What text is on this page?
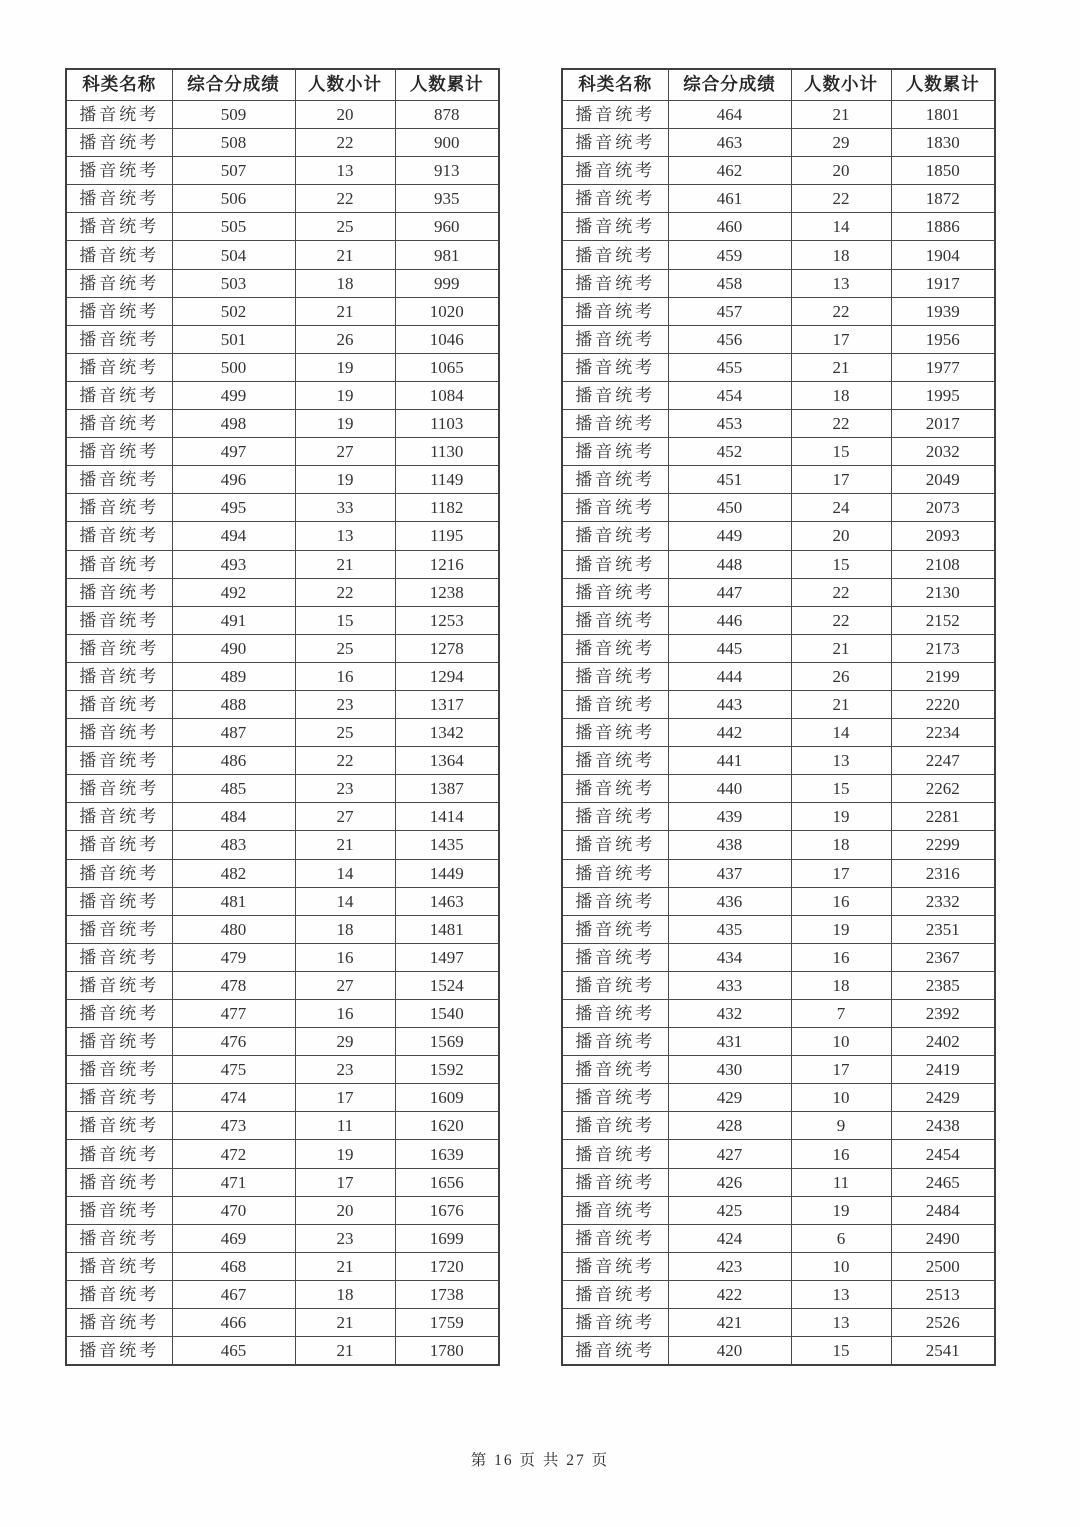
科类名称	综合分成绩	人数小计	人数累计
播音统考	509	20	878
播音统考	508	22	900
播音统考	507	13	913
播音统考	506	22	935
播音统考	505	25	960
播音统考	504	21	981
播音统考	503	18	999
播音统考	502	21	1020
播音统考	501	26	1046
播音统考	500	19	1065
播音统考	499	19	1084
播音统考	498	19	1103
播音统考	497	27	1130
播音统考	496	19	1149
播音统考	495	33	1182
播音统考	494	13	1195
播音统考	493	21	1216
播音统考	492	22	1238
播音统考	491	15	1253
播音统考	490	25	1278
播音统考	489	16	1294
播音统考	488	23	1317
播音统考	487	25	1342
播音统考	486	22	1364
播音统考	485	23	1387
播音统考	484	27	1414
播音统考	483	21	1435
播音统考	482	14	1449
播音统考	481	14	1463
播音统考	480	18	1481
播音统考	479	16	1497
播音统考	478	27	1524
播音统考	477	16	1540
播音统考	476	29	1569
播音统考	475	23	1592
播音统考	474	17	1609
播音统考	473	11	1620
播音统考	472	19	1639
播音统考	471	17	1656
播音统考	470	20	1676
播音统考	469	23	1699
播音统考	468	21	1720
播音统考	467	18	1738
播音统考	466	21	1759
播音统考	465	21	1780
科类名称	综合分成绩	人数小计	人数累计
播音统考	464	21	1801
播音统考	463	29	1830
播音统考	462	20	1850
播音统考	461	22	1872
播音统考	460	14	1886
播音统考	459	18	1904
播音统考	458	13	1917
播音统考	457	22	1939
播音统考	456	17	1956
播音统考	455	21	1977
播音统考	454	18	1995
播音统考	453	22	2017
播音统考	452	15	2032
播音统考	451	17	2049
播音统考	450	24	2073
播音统考	449	20	2093
播音统考	448	15	2108
播音统考	447	22	2130
播音统考	446	22	2152
播音统考	445	21	2173
播音统考	444	26	2199
播音统考	443	21	2220
播音统考	442	14	2234
播音统考	441	13	2247
播音统考	440	15	2262
播音统考	439	19	2281
播音统考	438	18	2299
播音统考	437	17	2316
播音统考	436	16	2332
播音统考	435	19	2351
播音统考	434	16	2367
播音统考	433	18	2385
播音统考	432	7	2392
播音统考	431	10	2402
播音统考	430	17	2419
播音统考	429	10	2429
播音统考	428	9	2438
播音统考	427	16	2454
播音统考	426	11	2465
播音统考	425	19	2484
播音统考	424	6	2490
播音统考	423	10	2500
播音统考	422	13	2513
播音统考	421	13	2526
播音统考	420	15	2541
第 16 页 共 27 页
